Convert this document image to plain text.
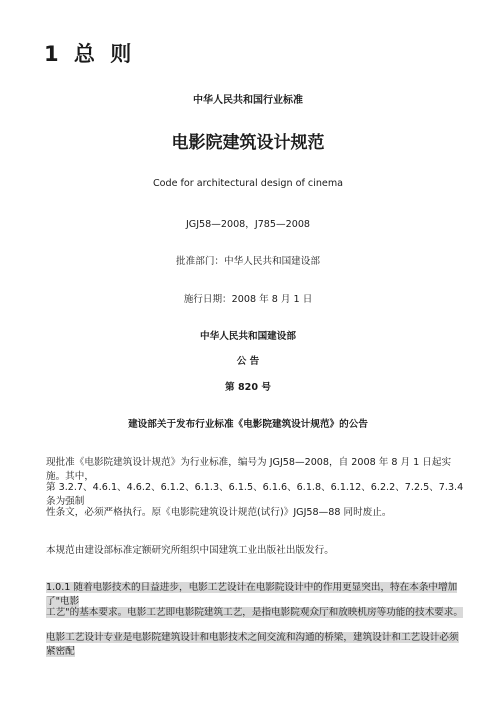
1 总 则
中华人民共和国行业标准
电影院建筑设计规范
Code for architectural design of cinema
JGJ58—2008，J785—2008
批准部门：中华人民共和国建设部
施行日期：2008 年 8 月 1 日
中华人民共和国建设部
公 告
第 820 号
建设部关于发布行业标准《电影院建筑设计规范》的公告
现批准《电影院建筑设计规范》为行业标准，编号为 JGJ58—2008，自 2008 年 8 月 1 日起实施。其中，
第 3.2.7、4.6.1、4.6.2、6.1.2、6.1.3、6.1.5、6.1.6、6.1.8、6.1.12、6.2.2、7.2.5、7.3.4 条为强制
性条文，必须严格执行。原《电影院建筑设计规范(试行)》JGJ58—88 同时废止。
本规范由建设部标准定额研究所组织中国建筑工业出版社出版发行。
1.0.1 随着电影技术的日益进步，电影工艺设计在电影院设计中的作用更显突出，特在本条中增加了"电影
工艺"的基本要求。电影工艺即电影院建筑工艺，是指电影院观众厅和放映机房等功能的技术要求。
电影工艺设计专业是电影院建筑设计和电影技术之间交流和沟通的桥梁，建筑设计和工艺设计必须紧密配
